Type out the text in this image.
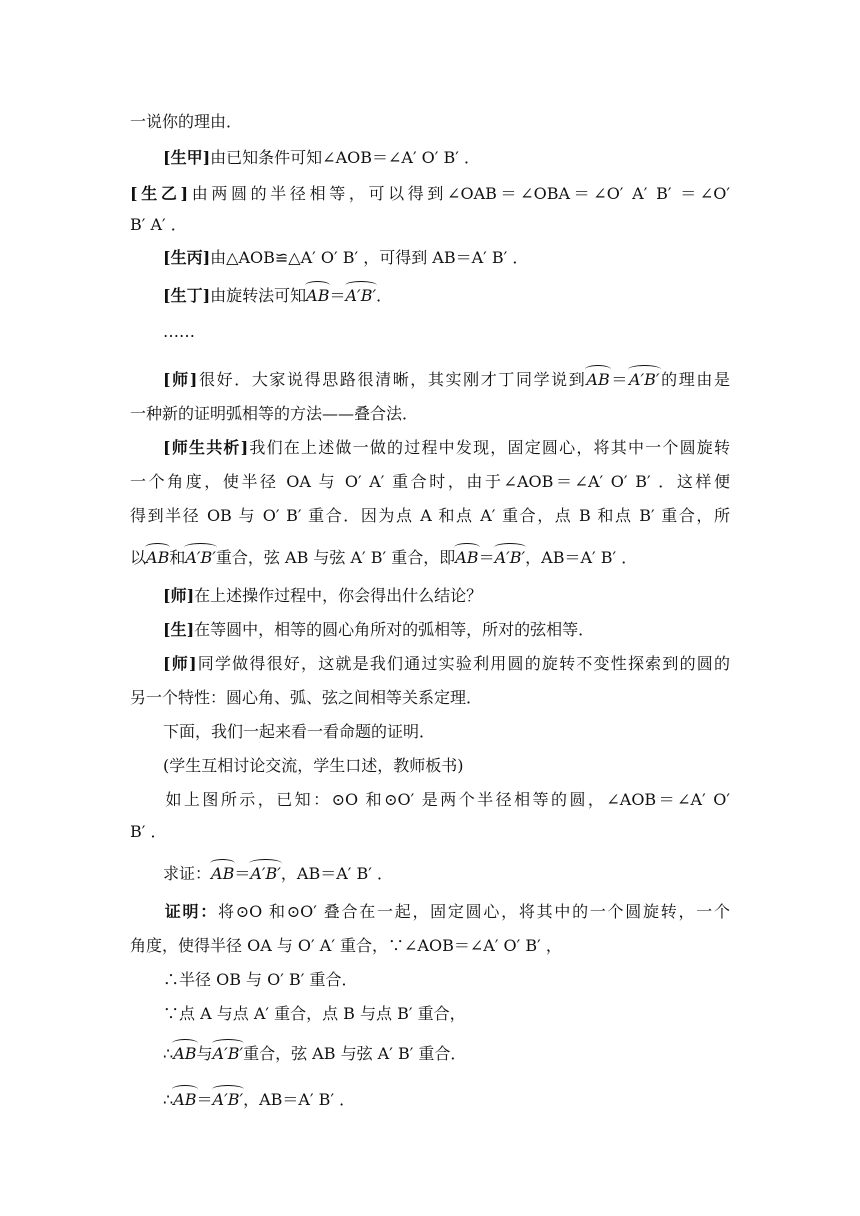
一说你的理由．
[生甲]由已知条件可知∠AOB＝∠A′ O′ B′ ．
[生乙]由两圆的半径相等，可以得到∠OAB＝∠OBA＝∠O′ A′ B′ ＝∠O′
B′ A′ ．
[生丙]由△AOB≌△A′ O′ B′ ，可得到 AB＝A′ B′ ．
[生丁]由旋转法可知AB＝A′B′．
……
[师]很好．大家说得思路很清晰，其实刚才丁同学说到AB＝A′B′的理由是
一种新的证明弧相等的方法——叠合法．
[师生共析]我们在上述做一做的过程中发现，固定圆心，将其中一个圆旋转
一个角度，使半径 OA 与 O′ A′ 重合时，由于∠AOB＝∠A′ O′ B′ ．这样便
得到半径 OB 与 O′ B′ 重合．因为点 A 和点 A′ 重合，点 B 和点 B′ 重合，所
以AB和A′B′重合，弦 AB 与弦 A′ B′ 重合，即AB＝A′B′，AB＝A′ B′ ．
[师]在上述操作过程中，你会得出什么结论？
[生]在等圆中，相等的圆心角所对的弧相等，所对的弦相等．
[师]同学做得很好，这就是我们通过实验利用圆的旋转不变性探索到的圆的
另一个特性：圆心角、弧、弦之间相等关系定理．
下面，我们一起来看一看命题的证明．
(学生互相讨论交流，学生口述，教师板书)
如上图所示，已知：⊙O 和⊙O′ 是两个半径相等的圆，∠AOB＝∠A′ O′
B′ ．
求证：AB＝A′B′，AB＝A′ B′ ．
证明：将⊙O 和⊙O′ 叠合在一起，固定圆心，将其中的一个圆旋转，一个
角度，使得半径 OA 与 O′ A′ 重合，∵∠AOB＝∠A′ O′ B′ ，
∴半径 OB 与 O′ B′ 重合．
∵点 A 与点 A′ 重合，点 B 与点 B′ 重合，
∴AB与A′B′重合，弦 AB 与弦 A′ B′ 重合．
∴AB＝A′B′，AB＝A′ B′ ．
